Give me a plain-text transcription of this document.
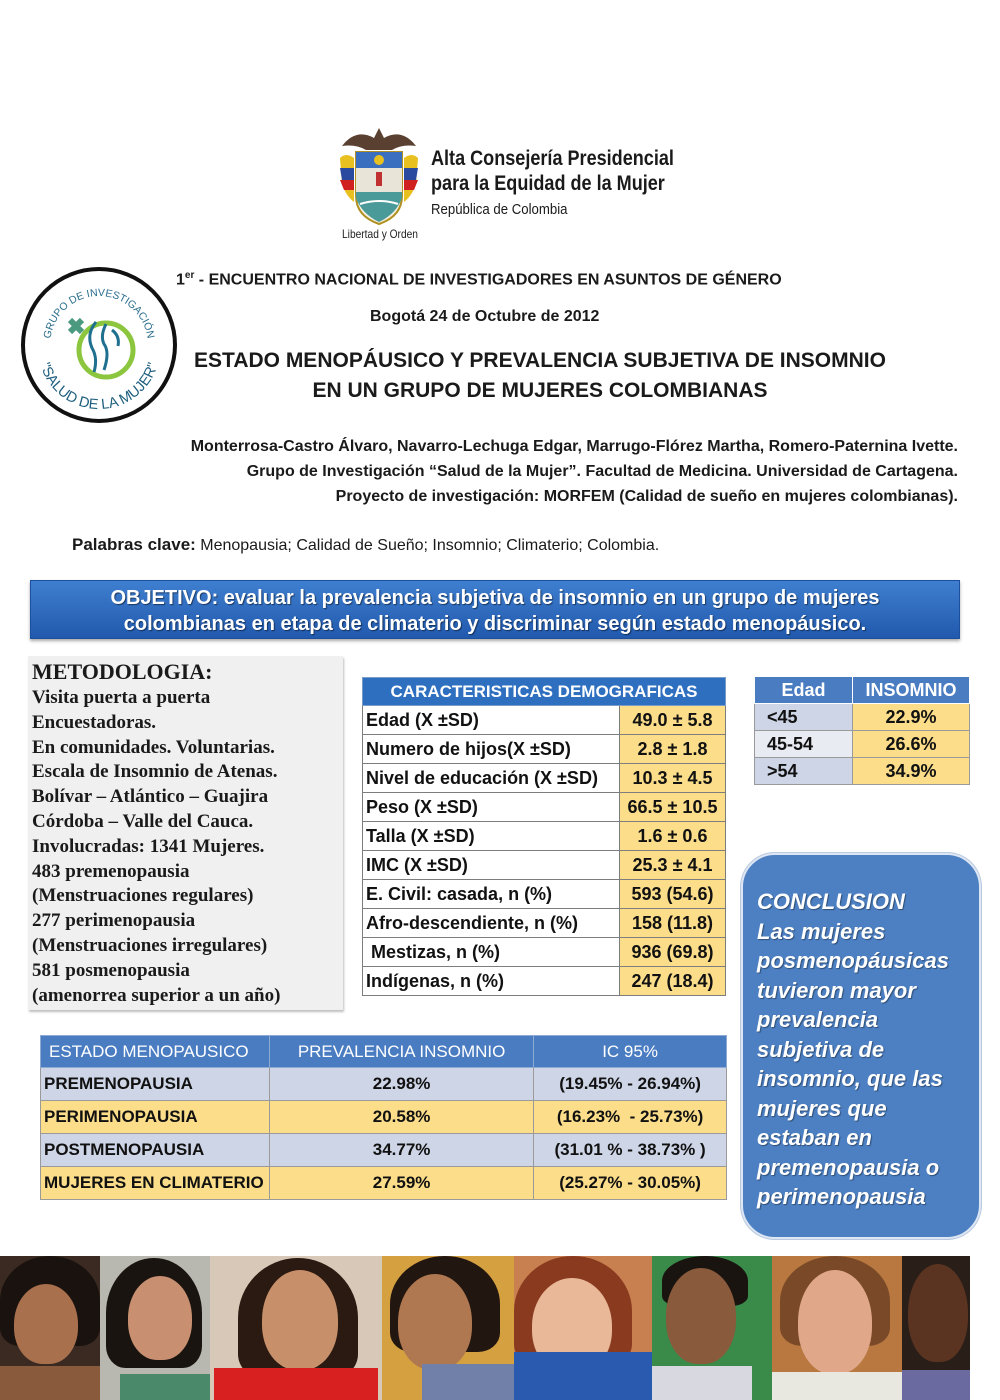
Libertad y Orden
Alta Consejería Presidencial
para la Equidad de la Mujer
República de Colombia
GRUPO DE INVESTIGACIÓN
"SALUD DE LA MUJER"
1er - ENCUENTRO NACIONAL DE INVESTIGADORES EN ASUNTOS DE GÉNERO
Bogotá 24 de Octubre de 2012
ESTADO MENOPÁUSICO Y PREVALENCIA SUBJETIVA DE INSOMNIO
EN UN GRUPO DE MUJERES COLOMBIANAS
Monterrosa-Castro Álvaro, Navarro-Lechuga Edgar, Marrugo-Flórez Martha, Romero-Paternina Ivette.
Grupo de Investigación “Salud de la Mujer”. Facultad de Medicina. Universidad de Cartagena.
Proyecto de investigación: MORFEM (Calidad de sueño en mujeres colombianas).
Palabras clave: Menopausia; Calidad de Sueño; Insomnio; Climaterio; Colombia.
OBJETIVO: evaluar la prevalencia subjetiva de insomnio en un grupo de mujeres
colombianas en etapa de climaterio y discriminar según estado menopáusico.
METODOLOGIA:
Visita puerta a puerta
Encuestadoras.
En comunidades. Voluntarias.
Escala de Insomnio de Atenas.
Bolívar – Atlántico – Guajira
Córdoba – Valle del Cauca.
Involucradas: 1341 Mujeres.
483 premenopausia
(Menstruaciones regulares)
277 perimenopausia
(Menstruaciones irregulares)
581 posmenopausia
(amenorrea superior a un año)
CARACTERISTICAS DEMOGRAFICAS	
Edad (X ±SD)	49.0 ± 5.8
Numero de hijos(X ±SD)	2.8 ± 1.8
Nivel de educación (X ±SD)	10.3 ± 4.5
Peso (X ±SD)	66.5 ± 10.5
Talla (X ±SD)	1.6 ± 0.6
IMC (X ±SD)	25.3 ± 4.1
E. Civil: casada, n (%)	593 (54.6)
Afro-descendiente, n (%)	158 (11.8)
Mestizas, n (%)	936 (69.8)
Indígenas, n (%)	247 (18.4)
Edad	INSOMNIO
<45	22.9%
45-54	26.6%
>54	34.9%
CONCLUSION
Las mujeres posmenopáusicas tuvieron mayor prevalencia subjetiva de insomnio, que las mujeres que estaban en premenopausia o perimenopausia
ESTADO MENOPAUSICO	PREVALENCIA INSOMNIO	IC 95%
PREMENOPAUSIA	22.98%	(19.45% - 26.94%)
PERIMENOPAUSIA	20.58%	(16.23%  - 25.73%)
POSTMENOPAUSIA	34.77%	(31.01 % - 38.73% )
MUJERES EN CLIMATERIO	27.59%	(25.27% - 30.05%)
